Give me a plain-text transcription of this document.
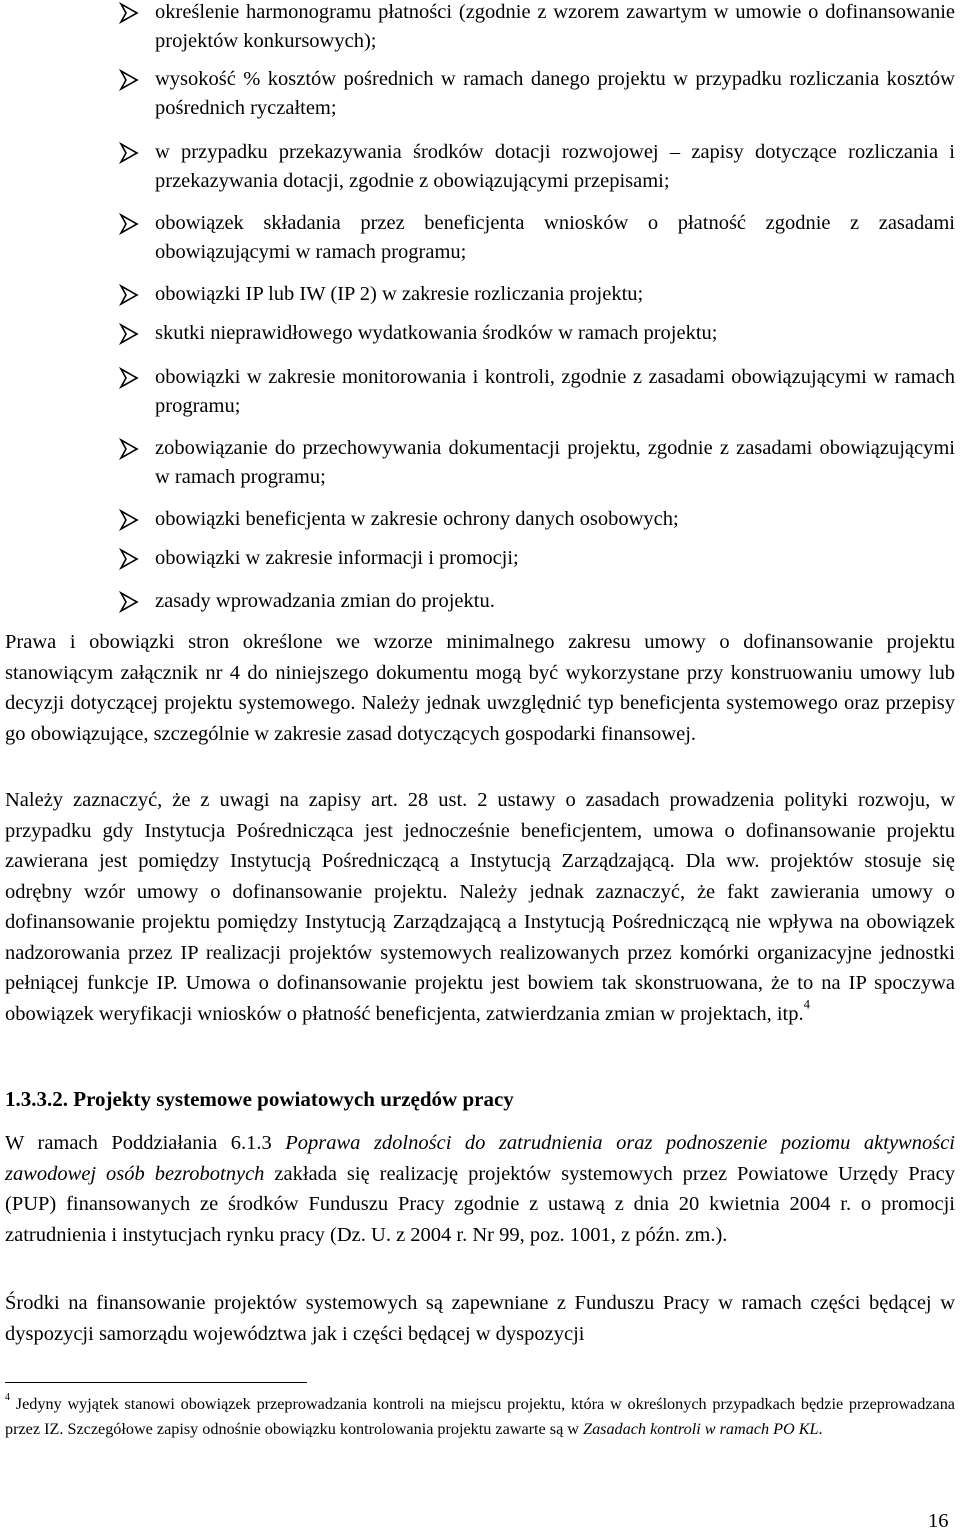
określenie harmonogramu płatności (zgodnie z wzorem zawartym w umowie o dofinansowanie projektów konkursowych);
wysokość % kosztów pośrednich w ramach danego projektu w przypadku rozliczania kosztów pośrednich ryczałtem;
w przypadku przekazywania środków dotacji rozwojowej – zapisy dotyczące rozliczania i przekazywania dotacji, zgodnie z obowiązującymi przepisami;
obowiązek składania przez beneficjenta wniosków o płatność zgodnie z zasadami obowiązującymi w ramach programu;
obowiązki IP lub IW (IP 2) w zakresie rozliczania projektu;
skutki nieprawidłowego wydatkowania środków w ramach projektu;
obowiązki w zakresie monitorowania i kontroli, zgodnie z zasadami obowiązującymi w ramach programu;
zobowiązanie do przechowywania dokumentacji projektu, zgodnie z zasadami obowiązującymi w ramach programu;
obowiązki beneficjenta w zakresie ochrony danych osobowych;
obowiązki w zakresie informacji i promocji;
zasady wprowadzania zmian do projektu.

Prawa i obowiązki stron określone we wzorze minimalnego zakresu umowy o dofinansowanie projektu stanowiącym załącznik nr 4 do niniejszego dokumentu mogą być wykorzystane przy konstruowaniu umowy lub decyzji dotyczącej projektu systemowego. Należy jednak uwzględnić typ beneficjenta systemowego oraz przepisy go obowiązujące, szczególnie w zakresie zasad dotyczących gospodarki finansowej.

Należy zaznaczyć, że z uwagi na zapisy art. 28 ust. 2 ustawy o zasadach prowadzenia polityki rozwoju, w przypadku gdy Instytucja Pośrednicząca jest jednocześnie beneficjentem, umowa o dofinansowanie projektu zawierana jest pomiędzy Instytucją Pośredniczącą a Instytucją Zarządzającą. Dla ww. projektów stosuje się odrębny wzór umowy o dofinansowanie projektu. Należy jednak zaznaczyć, że fakt zawierania umowy o dofinansowanie projektu pomiędzy Instytucją Zarządzającą a Instytucją Pośredniczącą nie wpływa na obowiązek nadzorowania przez IP realizacji projektów systemowych realizowanych przez komórki organizacyjne jednostki pełniącej funkcje IP. Umowa o dofinansowanie projektu jest bowiem tak skonstruowana, że to na IP spoczywa obowiązek weryfikacji wniosków o płatność beneficjenta, zatwierdzania zmian w projektach, itp.$^4$

1.3.3.2. Projekty systemowe powiatowych urzędów pracy

W ramach Poddziałania 6.1.3 Poprawa zdolności do zatrudnienia oraz podnoszenie poziomu aktywności zawodowej osób bezrobotnych zakłada się realizację projektów systemowych przez Powiatowe Urzędy Pracy (PUP) finansowanych ze środków Funduszu Pracy zgodnie z ustawą z dnia 20 kwietnia 2004 r. o promocji zatrudnienia i instytucjach rynku pracy (Dz. U. z 2004 r. Nr 99, poz. 1001, z późn. zm.).

Środki na finansowanie projektów systemowych są zapewniane z Funduszu Pracy w ramach części będącej w dyspozycji samorządu województwa jak i części będącej w dyspozycji

$^4$ Jedyny wyjątek stanowi obowiązek przeprowadzania kontroli na miejscu projektu, która w określonych przypadkach będzie przeprowadzana przez IZ. Szczegółowe zapisy odnośnie obowiązku kontrolowania projektu zawarte są w Zasadach kontroli w ramach PO KL.

16
